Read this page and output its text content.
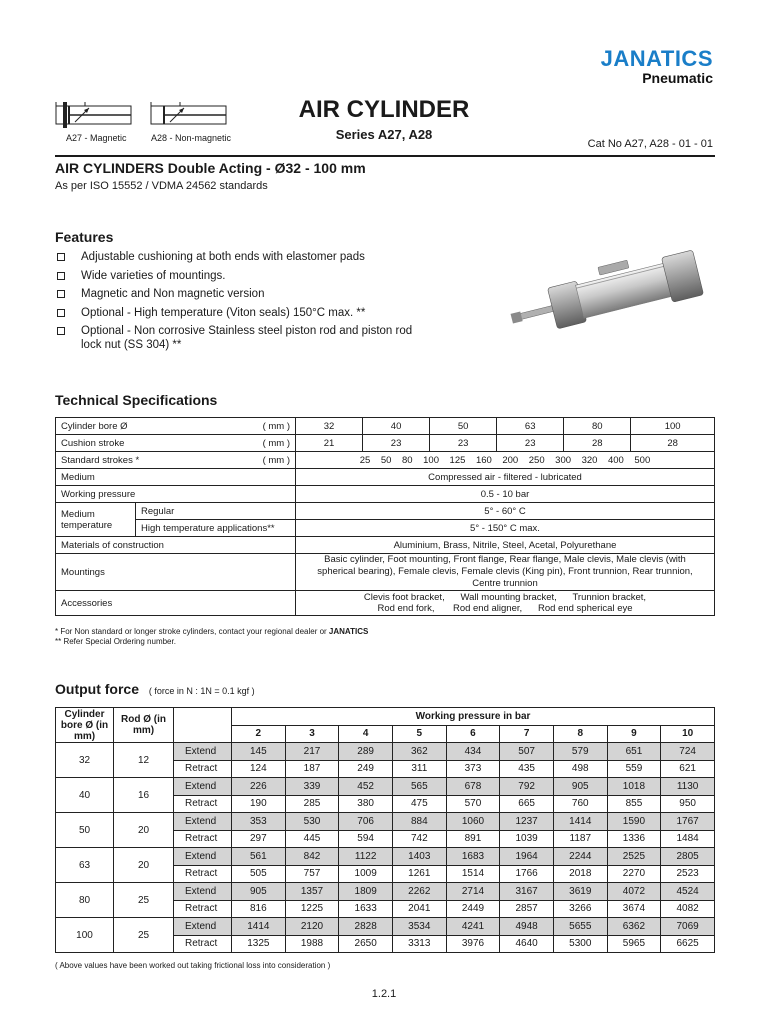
JANATICS
Pneumatic
A27 - Magnetic	A28 - Non-magnetic
AIR CYLINDER
Series A27, A28
Cat No A27, A28 - 01 - 01
AIR CYLINDERS Double Acting - Ø32 - 100 mm
As per ISO 15552 / VDMA 24562 standards
Features
Adjustable cushioning at both ends with elastomer pads
Wide varieties of mountings.
Magnetic and Non magnetic version
Optional - High temperature (Viton seals) 150°C max. **
Optional - Non corrosive Stainless steel piston rod and piston rod lock nut (SS 304) **
Technical Specifications
Cylinder bore Ø ( mm )		32	40	50	63	80	100
Cushion stroke ( mm )		21	23	23	23	28	28
Standard strokes * ( mm )		25    50    80    100    125    160    200    250    300    320    400    500					
Medium		Compressed air - filtered - lubricated					
Working pressure		0.5 - 10 bar					
Medium temperature	Regular	5° - 60° C					
	High temperature applications**	5° - 150° C max.					
Materials of construction		Aluminium, Brass, Nitrile, Steel, Acetal, Polyurethane					
Mountings		Basic cylinder, Foot mounting, Front flange, Rear flange, Male clevis, Male clevis (with spherical bearing), Female clevis, Female clevis (King pin), Front trunnion, Rear trunnion, Centre trunnion					
Accessories		Clevis foot bracket,      Wall mounting bracket,      Trunnion bracket,
Rod end fork,       Rod end aligner,      Rod end spherical eye					
* For Non standard or longer stroke cylinders, contact your regional dealer or JANATICS
** Refer Special Ordering number.
Output force ( force in N : 1N = 0.1 kgf )
Cylinder bore Ø (in mm)	Rod Ø (in mm)		Working pressure in bar								
			2	3	4	5	6	7	8	9	10
32	12	Extend	145	217	289	362	434	507	579	651	724
		Retract	124	187	249	311	373	435	498	559	621
40	16	Extend	226	339	452	565	678	792	905	1018	1130
		Retract	190	285	380	475	570	665	760	855	950
50	20	Extend	353	530	706	884	1060	1237	1414	1590	1767
		Retract	297	445	594	742	891	1039	1187	1336	1484
63	20	Extend	561	842	1122	1403	1683	1964	2244	2525	2805
		Retract	505	757	1009	1261	1514	1766	2018	2270	2523
80	25	Extend	905	1357	1809	2262	2714	3167	3619	4072	4524
		Retract	816	1225	1633	2041	2449	2857	3266	3674	4082
100	25	Extend	1414	2120	2828	3534	4241	4948	5655	6362	7069
		Retract	1325	1988	2650	3313	3976	4640	5300	5965	6625
( Above values have been worked out taking frictional loss into consideration )
1.2.1
